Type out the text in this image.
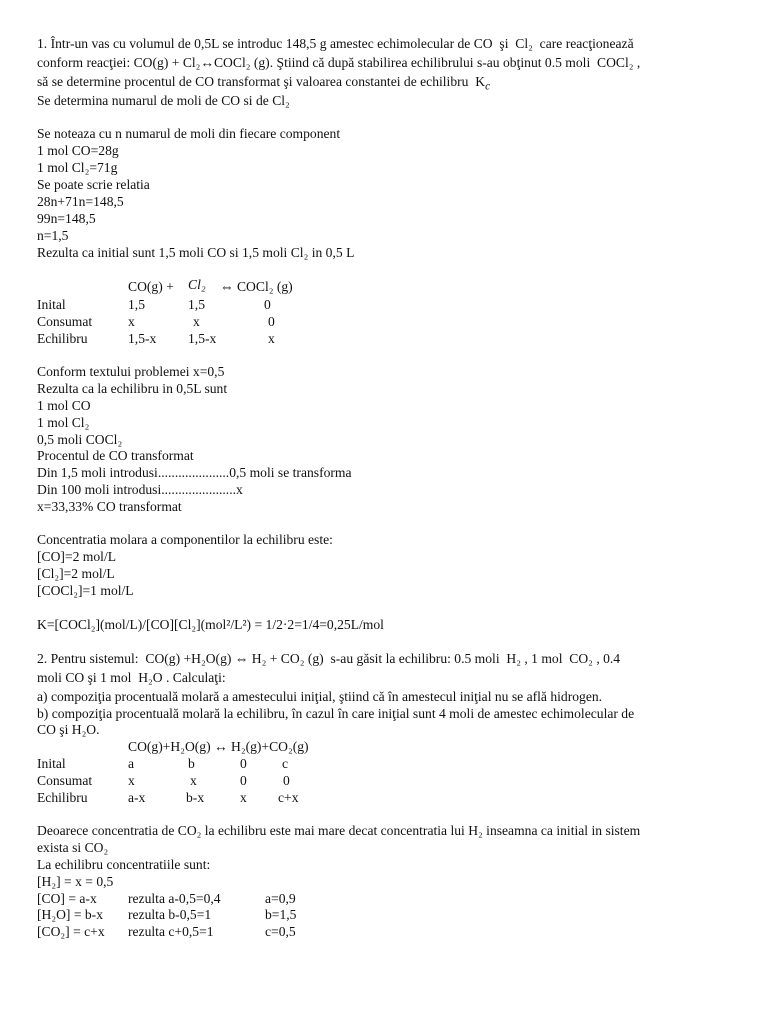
1. Într-un vas cu volumul de 0,5L se introduc 148,5 g amestec echimolecular de CO  şi  Cl₂  care reacţionează
conform reacţiei: CO(g) + Cl₂↔COCl₂ (g). Ştiind că după stabilirea echilibrului s-au obţinut 0.5 moli  COCl₂ ,
să se determine procentul de CO transformat şi valoarea constantei de echilibru  $K_c$
Se determina numarul de moli de CO si de Cl₂
Se noteaza cu n numarul de moli din fiecare component
1 mol CO=28g
1 mol Cl₂=71g
Se poate scrie relatia
28n+71n=148,5
99n=148,5
n=1,5
Rezulta ca initial sunt 1,5 moli CO si 1,5 moli Cl₂ in 0,5 L
CO(g) + Cl₂ ⇔ COCl₂ (g)
Inital	1,5	1,5	0
Consumat	x	x	0
Echilibru	1,5-x 1,5-x	x
Conform textului problemei x=0,5
Rezulta ca la echilibru in 0,5L sunt
1 mol CO
1 mol Cl₂
0,5 moli COCl₂
Procentul de CO transformat
Din 1,5 moli introdusi.....................0,5 moli se transforma
Din 100 moli introdusi......................x
x=33,33% CO transformat
Concentratia molara a componentilor la echilibru este:
[CO]=2 mol/L
[Cl₂]=2 mol/L
[COCl₂]=1 mol/L
K=[COCl₂](mol/L)/[CO][Cl₂](mol²/L²) = 1/2·2=1/4=0,25L/mol
2. Pentru sistemul:  CO(g) +H₂O(g) ⇔ H₂ + CO₂ (g)  s-au găsit la echilibru: 0.5 moli  H₂ , 1 mol  CO₂ , 0.4
moli CO şi 1 mol  H₂O . Calculaţi:
a) compoziţia procentuală molară a amestecului iniţial, ştiind că în amestecul iniţial nu se află hidrogen.
b) compoziţia procentuală molară la echilibru, în cazul în care iniţial sunt 4 moli de amestec echimolecular de
CO şi H₂O.
CO(g)+H₂O(g) ↔ H₂(g)+CO₂(g)
Inital	a	b	0	c
Consumat	x	x	0	0
Echilibru	a-x	b-x	x c+x
Deoarece concentratia de CO₂ la echilibru este mai mare decat concentratia lui H₂ inseamna ca initial in sistem
exista si CO₂
La echilibru concentratiile sunt:
[H₂] = x = 0,5
[CO] = a-x rezulta a-0,5=0,4	a=0,9
[H₂O] = b-x rezulta b-0,5=1	b=1,5
[CO₂] = c+x rezulta c+0,5=1	c=0,5
